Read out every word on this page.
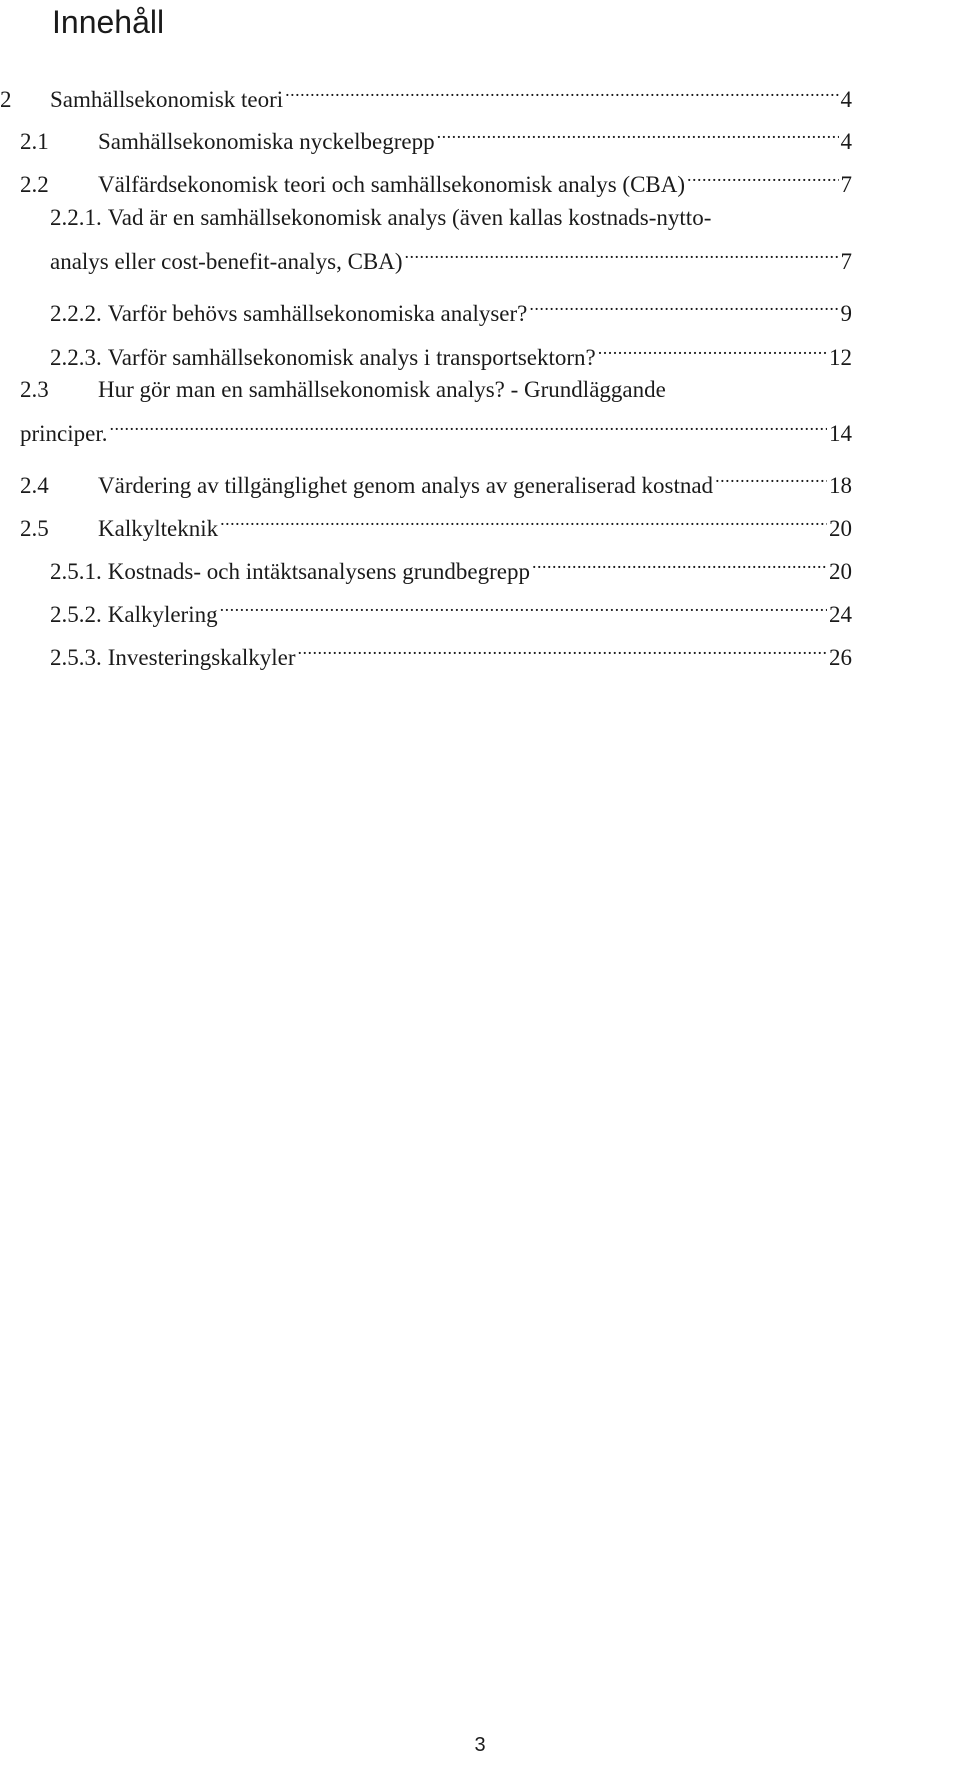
Innehåll
2	Samhällsekonomisk teori .....	4
2.1	Samhällsekonomiska nyckelbegrepp .....	4
2.2	Välfärdsekonomisk teori och samhällsekonomisk analys (CBA) .....	7
2.2.1. Vad är en samhällsekonomisk analys (även kallas kostnads-nytto-
analys eller cost-benefit-analys, CBA) .....	7
2.2.2. Varför behövs samhällsekonomiska analyser? .....	9
2.2.3. Varför samhällsekonomisk analys i transportsektorn? .....	12
2.3	Hur gör man en samhällsekonomisk analys? - Grundläggande
principer. .....	14
2.4	Värdering av tillgänglighet genom analys av generaliserad kostnad .....	18
2.5	Kalkylteknik .....	20
2.5.1. Kostnads- och intäktsanalysens grundbegrepp .....	20
2.5.2. Kalkylering .....	24
2.5.3. Investeringskalkyler .....	26
3
